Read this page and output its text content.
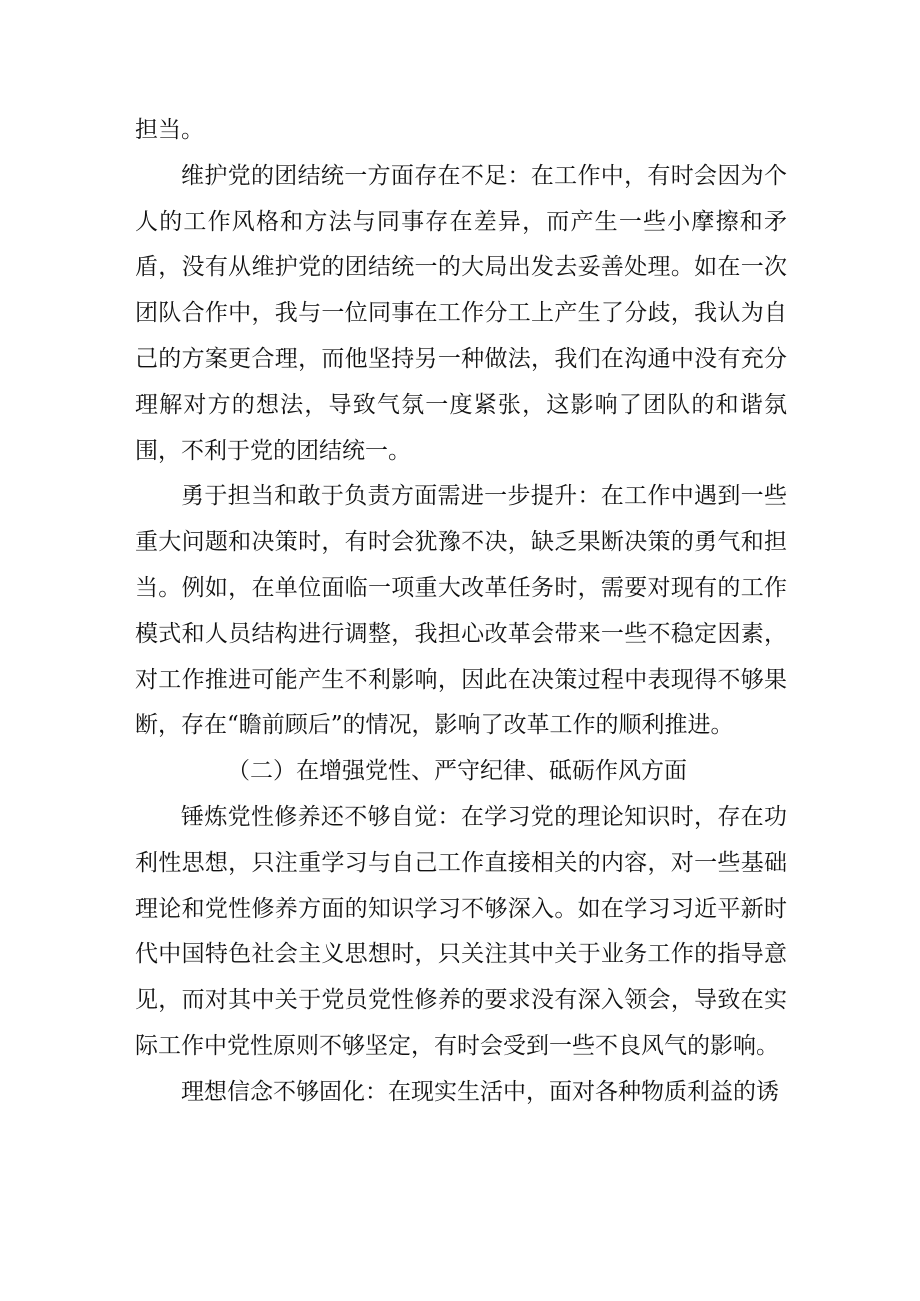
担当。

维护党的团结统一方面存在不足：在工作中，有时会因为个人的工作风格和方法与同事存在差异，而产生一些小摩擦和矛盾，没有从维护党的团结统一的大局出发去妥善处理。如在一次团队合作中，我与一位同事在工作分工上产生了分歧，我认为自己的方案更合理，而他坚持另一种做法，我们在沟通中没有充分理解对方的想法，导致气氛一度紧张，这影响了团队的和谐氛围，不利于党的团结统一。

勇于担当和敢于负责方面需进一步提升：在工作中遇到一些重大问题和决策时，有时会犹豫不决，缺乏果断决策的勇气和担当。例如，在单位面临一项重大改革任务时，需要对现有的工作模式和人员结构进行调整，我担心改革会带来一些不稳定因素，对工作推进可能产生不利影响，因此在决策过程中表现得不够果断，存在“瞻前顾后”的情况，影响了改革工作的顺利推进。

（二）在增强党性、严守纪律、砥砺作风方面

锤炼党性修养还不够自觉：在学习党的理论知识时，存在功利性思想，只注重学习与自己工作直接相关的内容，对一些基础理论和党性修养方面的知识学习不够深入。如在学习习近平新时代中国特色社会主义思想时，只关注其中关于业务工作的指导意见，而对其中关于党员党性修养的要求没有深入领会，导致在实际工作中党性原则不够坚定，有时会受到一些不良风气的影响。

理想信念不够固化：在现实生活中，面对各种物质利益的诱
